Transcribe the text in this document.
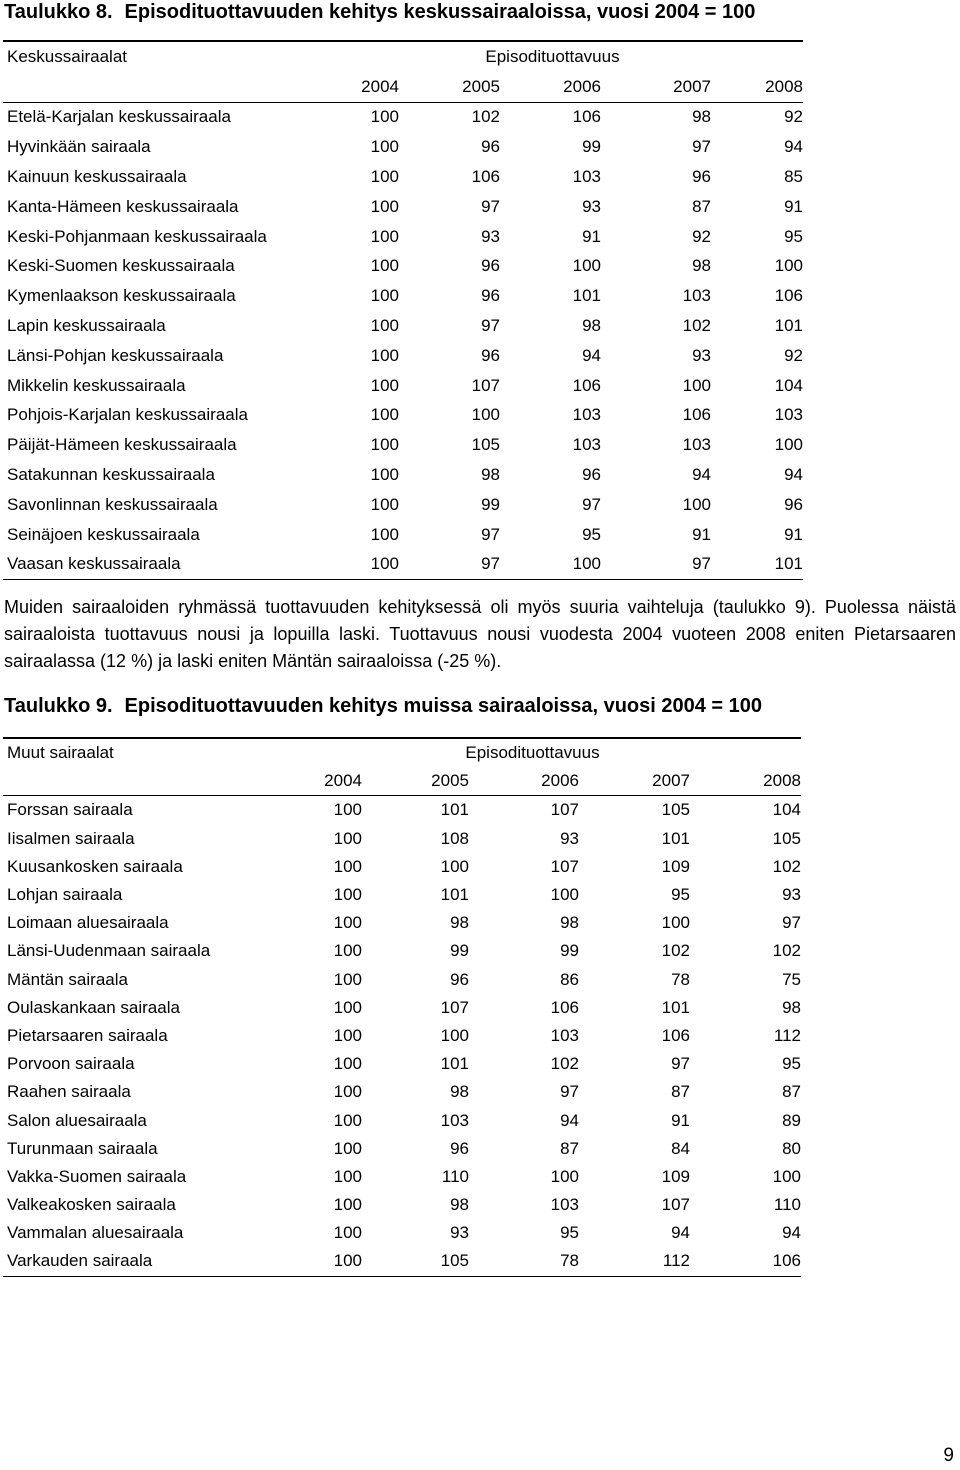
Taulukko 8. Episodituottavuuden kehitys keskussairaaloissa, vuosi 2004 = 100
Keskussairaalat	Episodituottavuus				
	2004	2005	2006	2007	2008
Etelä-Karjalan keskussairaala	100	102	106	98	92
Hyvinkään sairaala	100	96	99	97	94
Kainuun keskussairaala	100	106	103	96	85
Kanta-Hämeen keskussairaala	100	97	93	87	91
Keski-Pohjanmaan keskussairaala	100	93	91	92	95
Keski-Suomen keskussairaala	100	96	100	98	100
Kymenlaakson keskussairaala	100	96	101	103	106
Lapin keskussairaala	100	97	98	102	101
Länsi-Pohjan keskussairaala	100	96	94	93	92
Mikkelin keskussairaala	100	107	106	100	104
Pohjois-Karjalan keskussairaala	100	100	103	106	103
Päijät-Hämeen keskussairaala	100	105	103	103	100
Satakunnan keskussairaala	100	98	96	94	94
Savonlinnan keskussairaala	100	99	97	100	96
Seinäjoen keskussairaala	100	97	95	91	91
Vaasan keskussairaala	100	97	100	97	101

Muiden sairaaloiden ryhmässä tuottavuuden kehityksessä oli myös suuria vaihteluja (taulukko 9). Puolessa näistä sairaaloista tuottavuus nousi ja lopuilla laski. Tuottavuus nousi vuodesta 2004 vuoteen 2008 eniten Pietarsaaren sairaalassa (12 %) ja laski eniten Mäntän sairaaloissa (-25 %).

Taulukko 9. Episodituottavuuden kehitys muissa sairaaloissa, vuosi 2004 = 100
Muut sairaalat	Episodituottavuus				
	2004	2005	2006	2007	2008
Forssan sairaala	100	101	107	105	104
Iisalmen sairaala	100	108	93	101	105
Kuusankosken sairaala	100	100	107	109	102
Lohjan sairaala	100	101	100	95	93
Loimaan aluesairaala	100	98	98	100	97
Länsi-Uudenmaan sairaala	100	99	99	102	102
Mäntän sairaala	100	96	86	78	75
Oulaskankaan sairaala	100	107	106	101	98
Pietarsaaren sairaala	100	100	103	106	112
Porvoon sairaala	100	101	102	97	95
Raahen sairaala	100	98	97	87	87
Salon aluesairaala	100	103	94	91	89
Turunmaan sairaala	100	96	87	84	80
Vakka-Suomen sairaala	100	110	100	109	100
Valkeakosken sairaala	100	98	103	107	110
Vammalan aluesairaala	100	93	95	94	94
Varkauden sairaala	100	105	78	112	106
9
